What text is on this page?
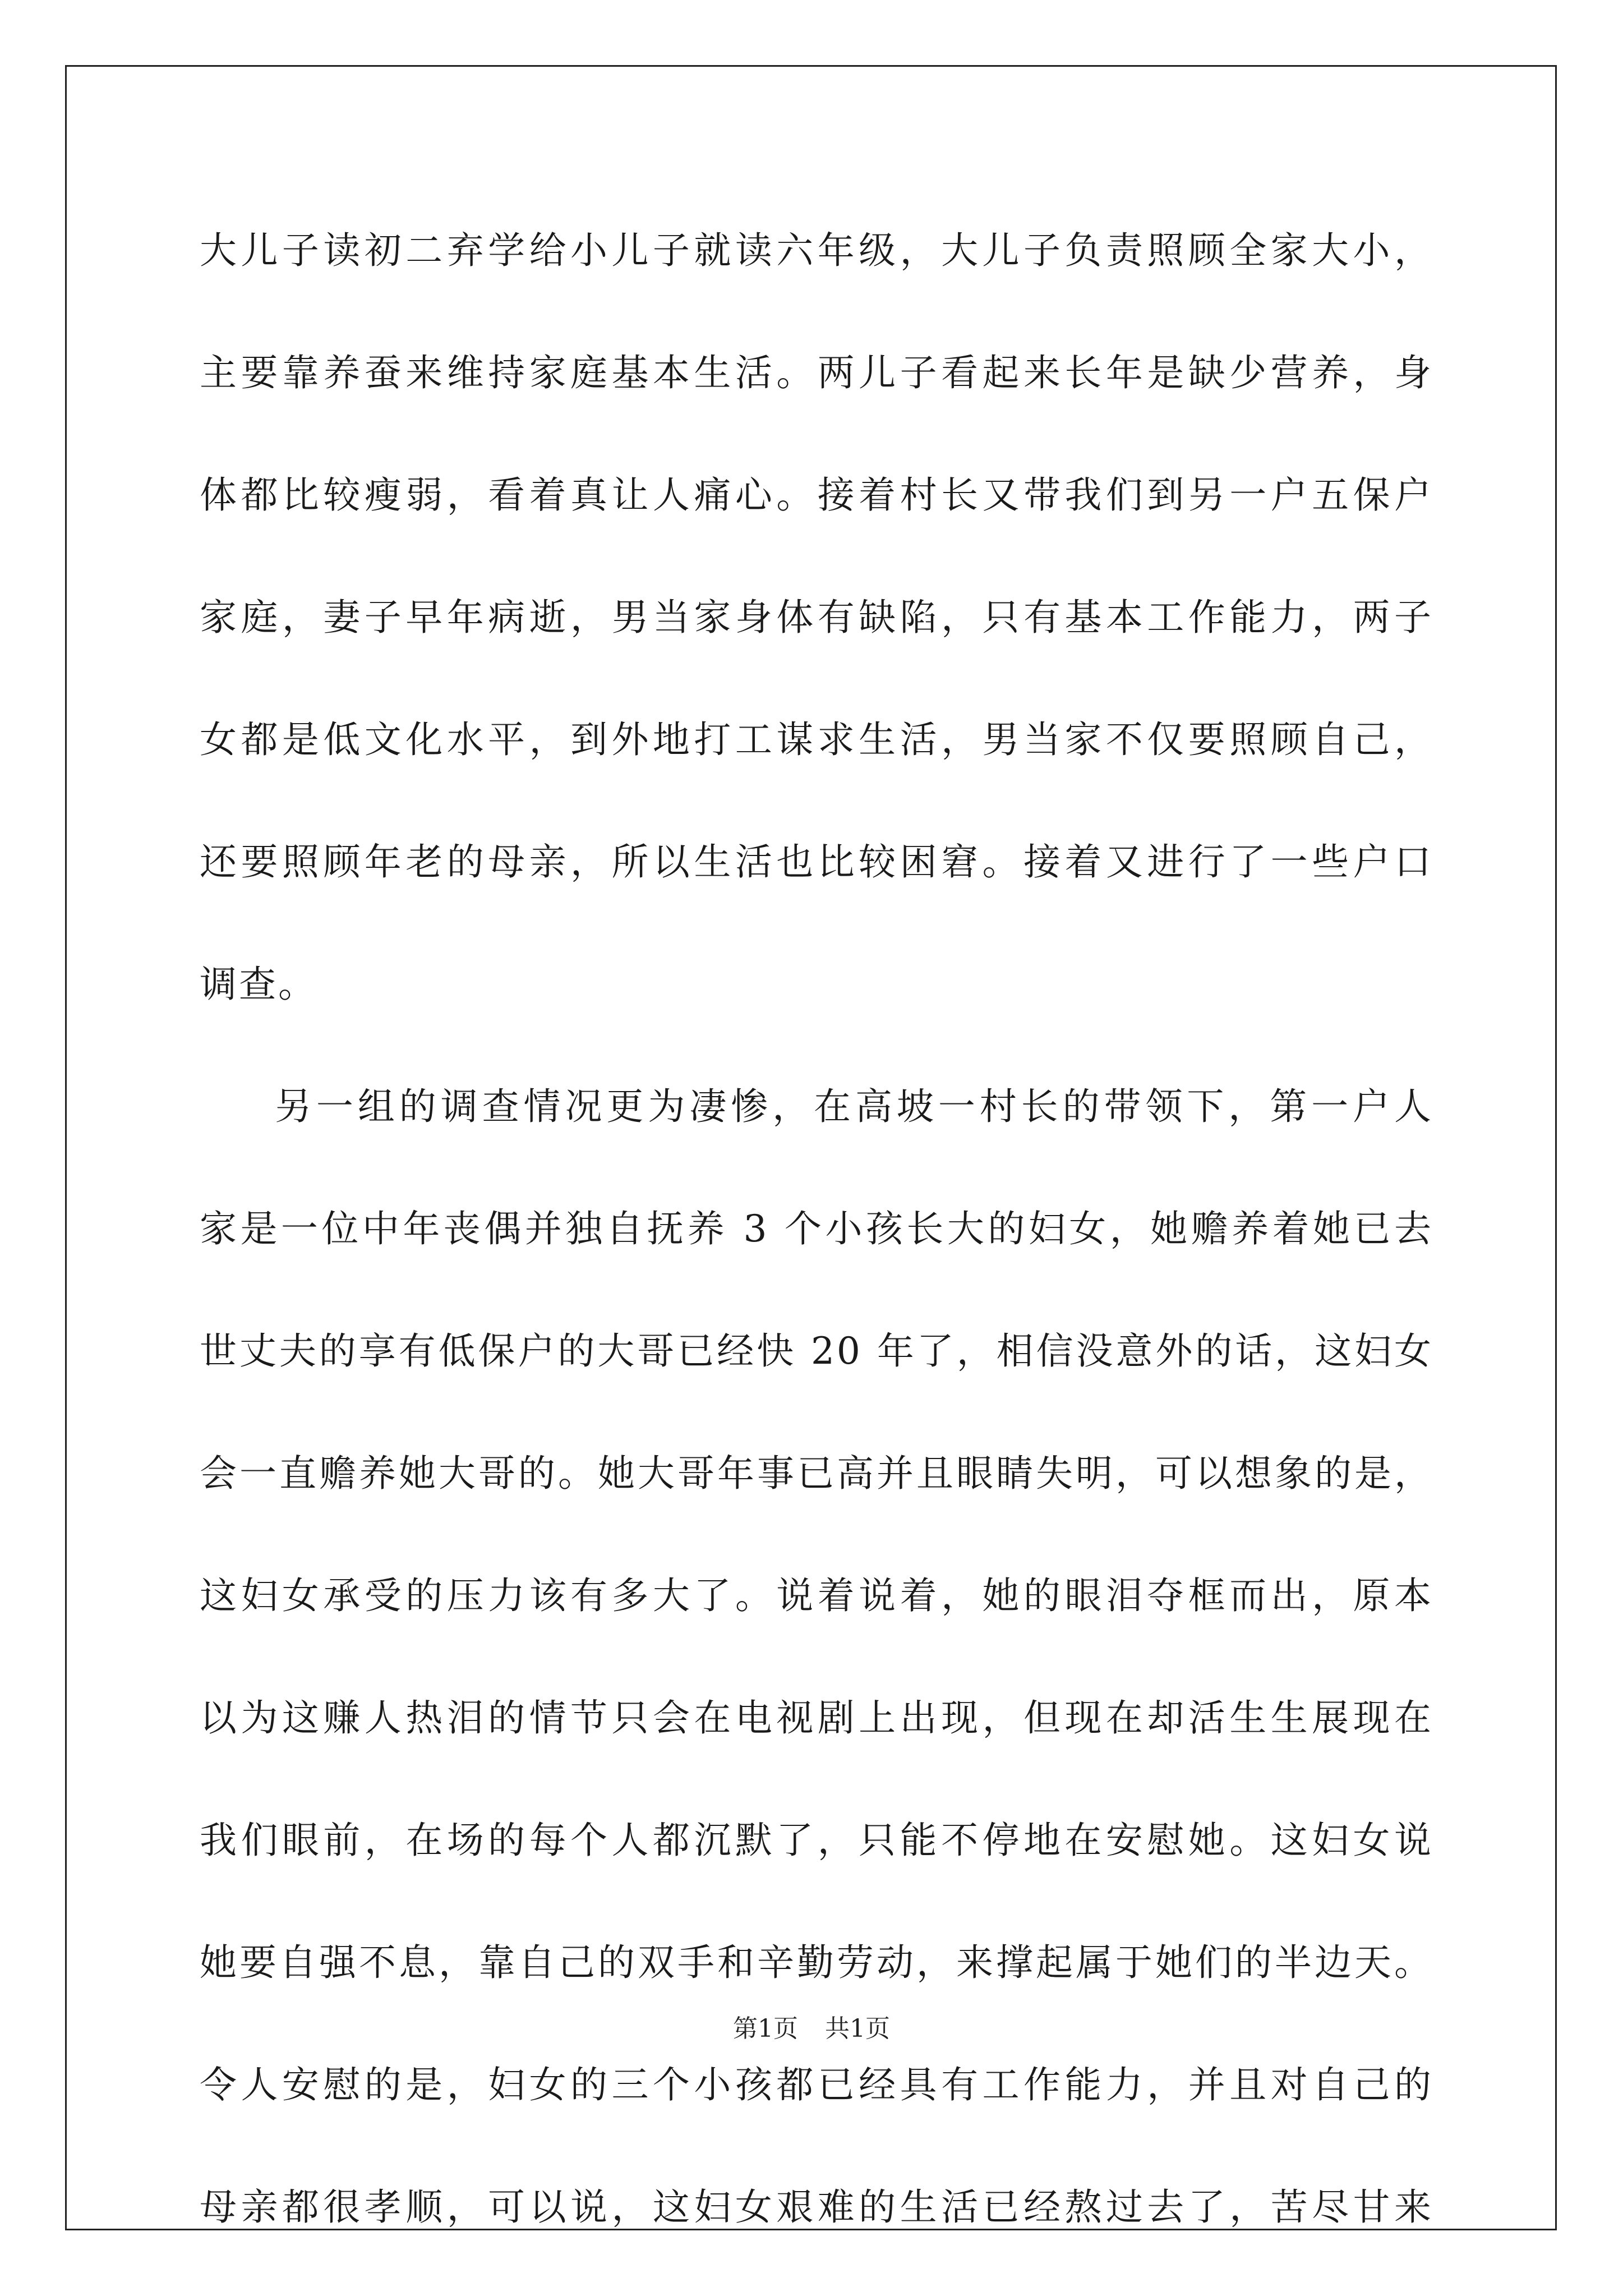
大儿子读初二弃学给小儿子就读六年级，大儿子负责照顾全家大小，
主要靠养蚕来维持家庭基本生活。两儿子看起来长年是缺少营养，身
体都比较瘦弱，看着真让人痛心。接着村长又带我们到另一户五保户
家庭，妻子早年病逝，男当家身体有缺陷，只有基本工作能力，两子
女都是低文化水平，到外地打工谋求生活，男当家不仅要照顾自己，
还要照顾年老的母亲，所以生活也比较困窘。接着又进行了一些户口
调查。
另一组的调查情况更为凄惨，在高坡一村长的带领下，第一户人
家是一位中年丧偶并独自抚养 3 个小孩长大的妇女，她赡养着她已去
世丈夫的享有低保户的大哥已经快 20 年了，相信没意外的话，这妇女
会一直赡养她大哥的。她大哥年事已高并且眼睛失明，可以想象的是，
这妇女承受的压力该有多大了。说着说着，她的眼泪夺框而出，原本
以为这赚人热泪的情节只会在电视剧上出现，但现在却活生生展现在
我们眼前，在场的每个人都沉默了，只能不停地在安慰她。这妇女说
她要自强不息，靠自己的双手和辛勤劳动，来撑起属于她们的半边天。
令人安慰的是，妇女的三个小孩都已经具有工作能力，并且对自己的
母亲都很孝顺，可以说，这妇女艰难的生活已经熬过去了，苦尽甘来
第1页 共1页
